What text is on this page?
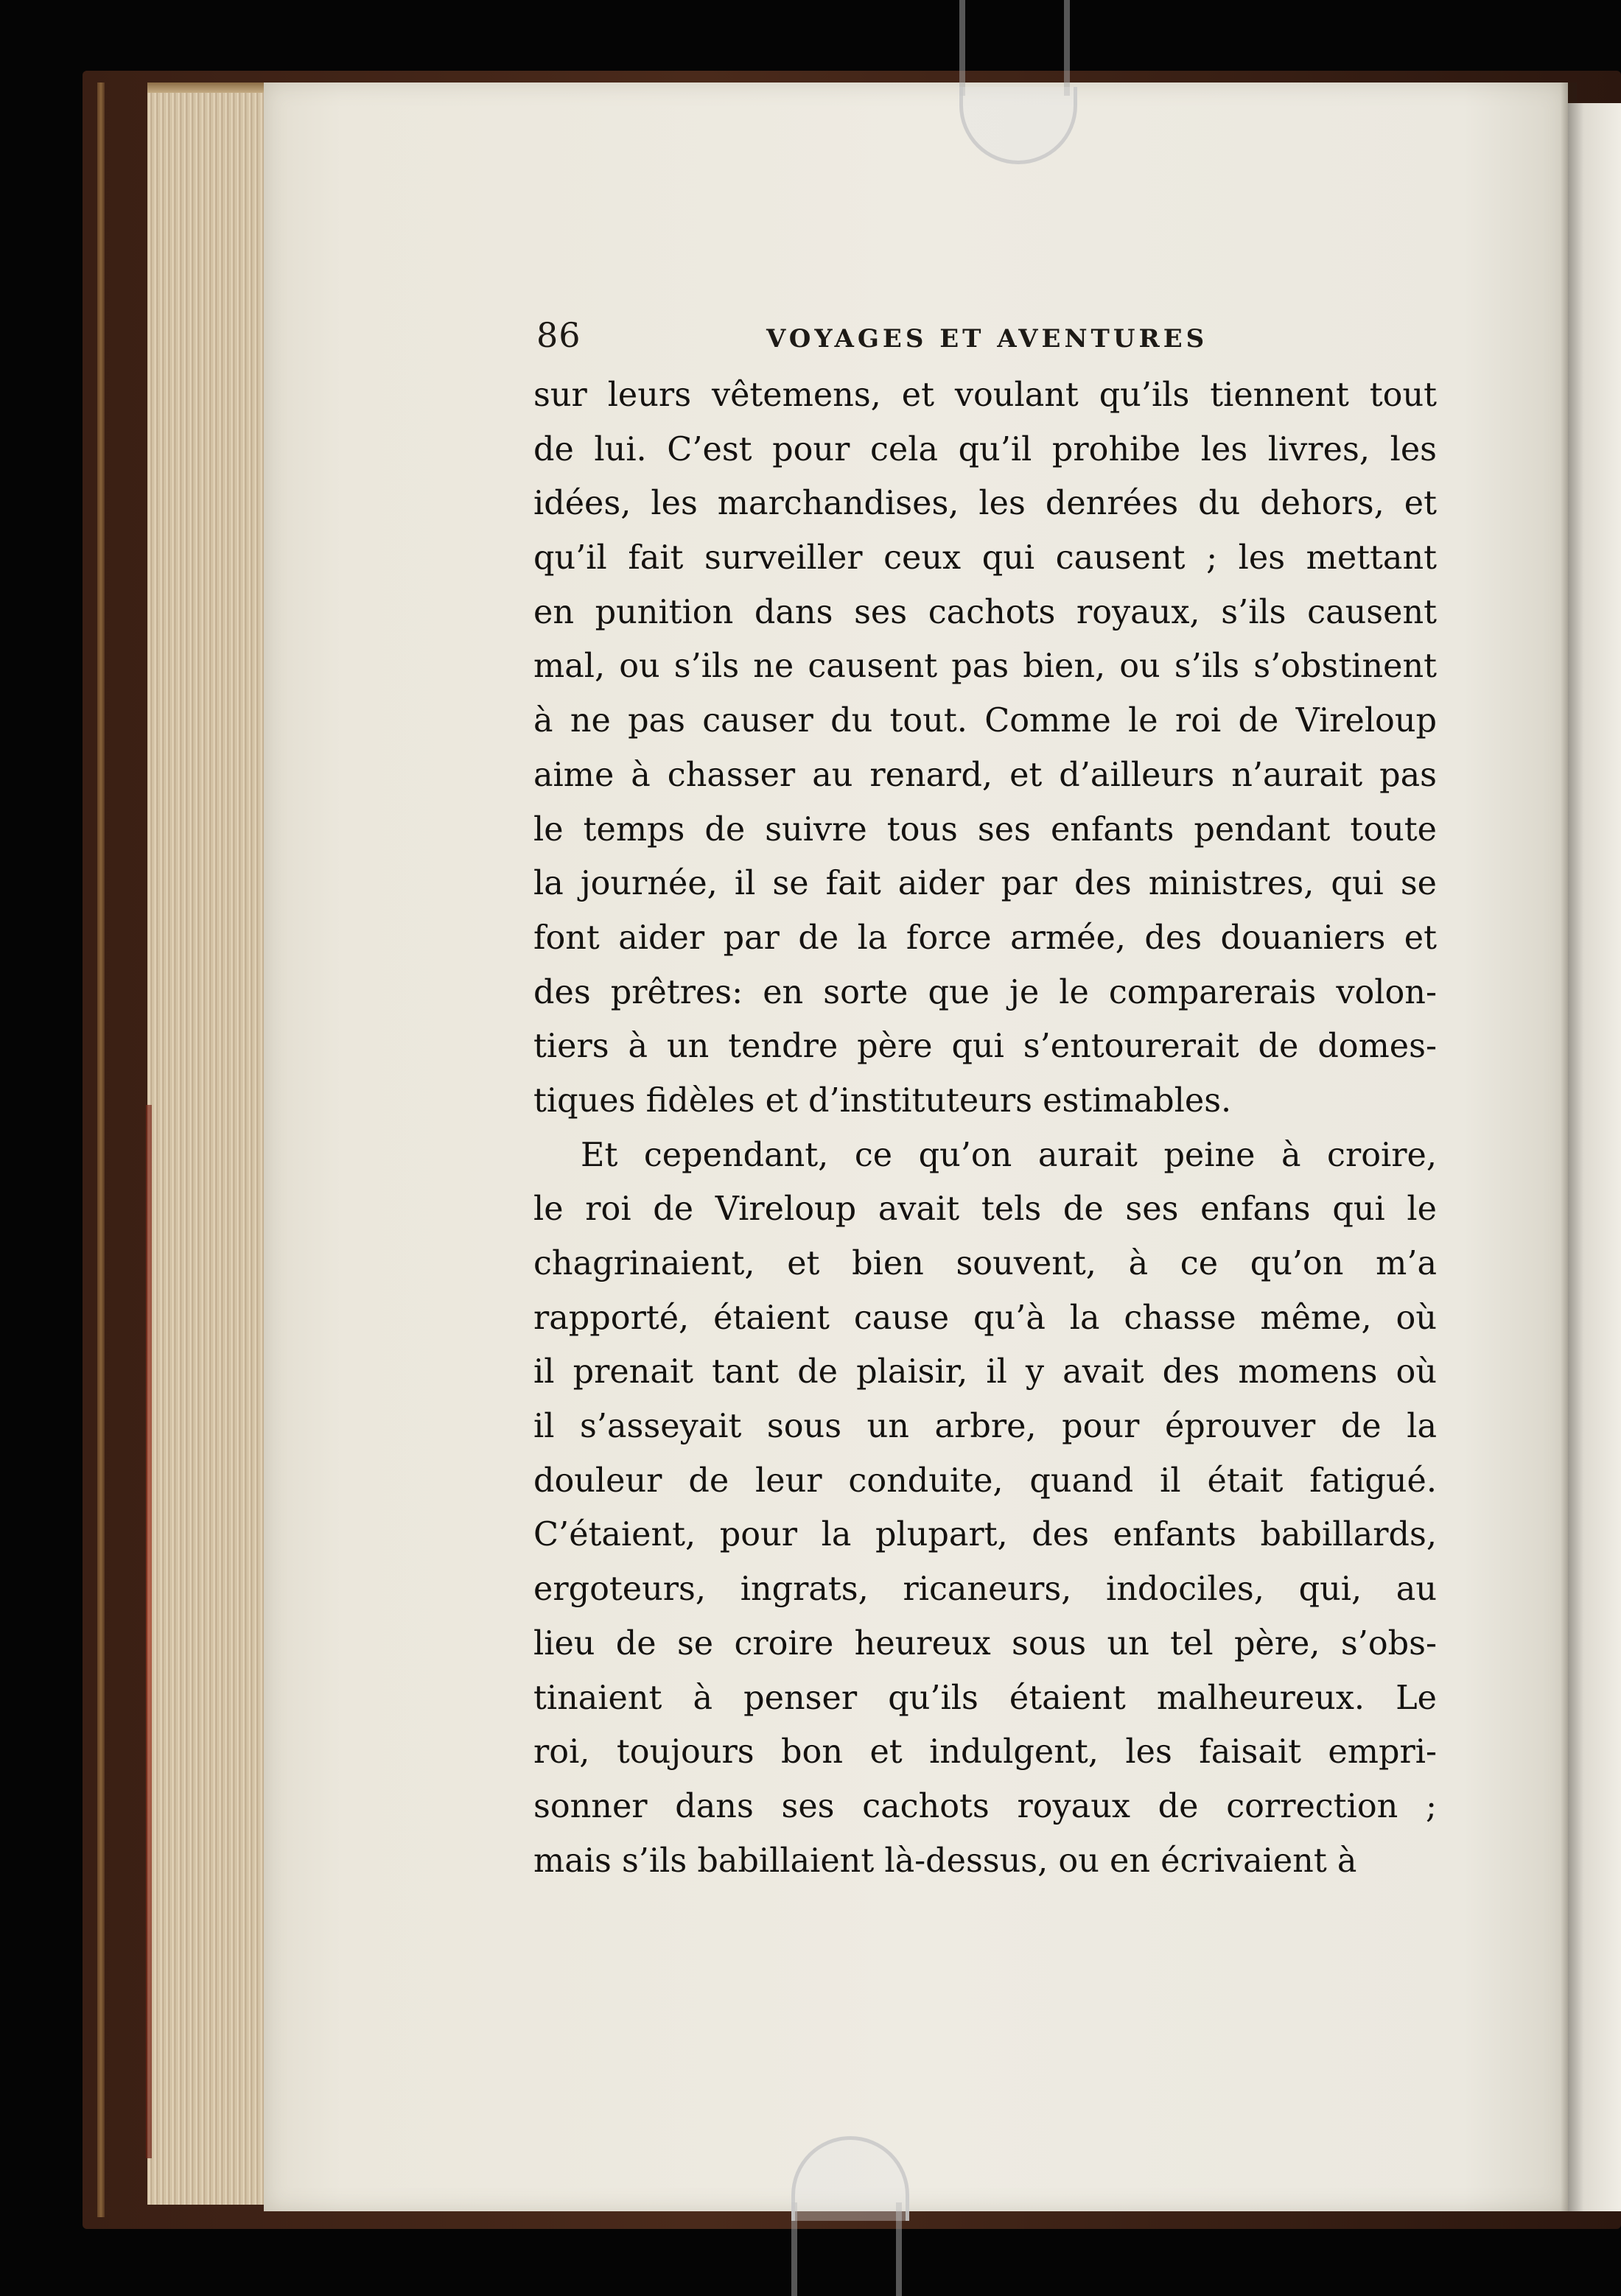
86	VOYAGES ET AVENTURES
sur leurs vêtemens, et voulant qu’ils tiennent tout
de lui. C’est pour cela qu’il prohibe les livres, les
idées, les marchandises, les denrées du dehors, et
qu’il fait surveiller ceux qui causent ; les mettant
en punition dans ses cachots royaux, s’ils causent
mal, ou s’ils ne causent pas bien, ou s’ils s’obstinent
à ne pas causer du tout. Comme le roi de Vireloup
aime à chasser au renard, et d’ailleurs n’aurait pas
le temps de suivre tous ses enfants pendant toute
la journée, il se fait aider par des ministres, qui se
font aider par de la force armée, des douaniers et
des prêtres: en sorte que je le comparerais volon-
tiers à un tendre père qui s’entourerait de domes-
tiques fidèles et d’instituteurs estimables.
Et cependant, ce qu’on aurait peine à croire,
le roi de Vireloup avait tels de ses enfans qui le
chagrinaient, et bien souvent, à ce qu’on m’a
rapporté, étaient cause qu’à la chasse même, où
il prenait tant de plaisir, il y avait des momens où
il s’asseyait sous un arbre, pour éprouver de la
douleur de leur conduite, quand il était fatigué.
C’étaient, pour la plupart, des enfants babillards,
ergoteurs, ingrats, ricaneurs, indociles, qui, au
lieu de se croire heureux sous un tel père, s’obs-
tinaient à penser qu’ils étaient malheureux. Le
roi, toujours bon et indulgent, les faisait empri-
sonner dans ses cachots royaux de correction ;
mais s’ils babillaient là-dessus, ou en écrivaient à
